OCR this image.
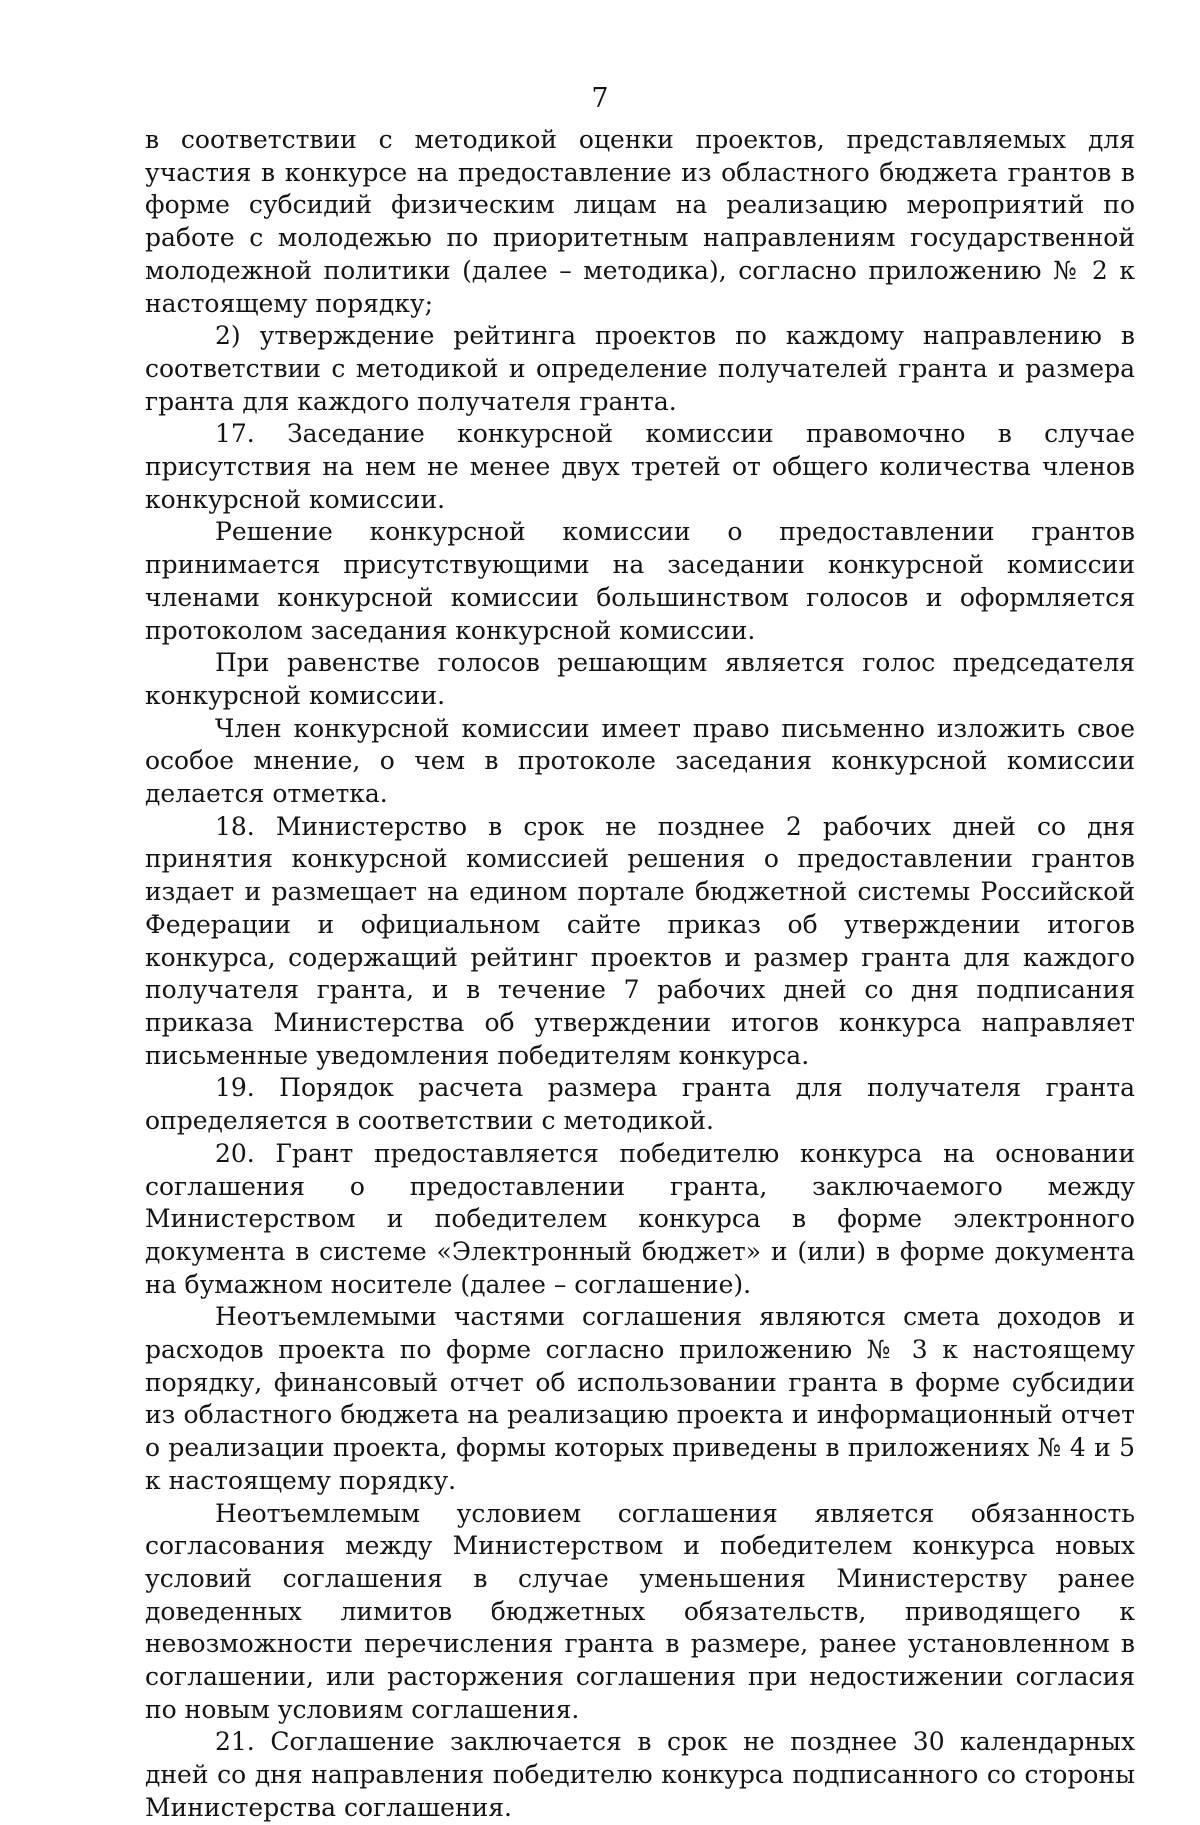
7

в соответствии с методикой оценки проектов, представляемых для участия в конкурсе на предоставление из областного бюджета грантов в форме субсидий физическим лицам на реализацию мероприятий по работе с молодежью по приоритетным направлениям государственной молодежной политики (далее – методика), согласно приложению № 2 к настоящему порядку;

2) утверждение рейтинга проектов по каждому направлению в соответствии с методикой и определение получателей гранта и размера гранта для каждого получателя гранта.

17. Заседание конкурсной комиссии правомочно в случае присутствия на нем не менее двух третей от общего количества членов конкурсной комиссии.

Решение конкурсной комиссии о предоставлении грантов принимается присутствующими на заседании конкурсной комиссии членами конкурсной комиссии большинством голосов и оформляется протоколом заседания конкурсной комиссии.

При равенстве голосов решающим является голос председателя конкурсной комиссии.

Член конкурсной комиссии имеет право письменно изложить свое особое мнение, о чем в протоколе заседания конкурсной комиссии делается отметка.

18. Министерство в срок не позднее 2 рабочих дней со дня принятия конкурсной комиссией решения о предоставлении грантов издает и размещает на едином портале бюджетной системы Российской Федерации и официальном сайте приказ об утверждении итогов конкурса, содержащий рейтинг проектов и размер гранта для каждого получателя гранта, и в течение 7 рабочих дней со дня подписания приказа Министерства об утверждении итогов конкурса направляет письменные уведомления победителям конкурса.

19. Порядок расчета размера гранта для получателя гранта определяется в соответствии с методикой.

20. Грант предоставляется победителю конкурса на основании соглашения о предоставлении гранта, заключаемого между Министерством и победителем конкурса в форме электронного документа в системе «Электронный бюджет» и (или) в форме документа на бумажном носителе (далее – соглашение).

Неотъемлемыми частями соглашения являются смета доходов и расходов проекта по форме согласно приложению № 3 к настоящему порядку, финансовый отчет об использовании гранта в форме субсидии из областного бюджета на реализацию проекта и информационный отчет о реализации проекта, формы которых приведены в приложениях № 4 и 5 к настоящему порядку.

Неотъемлемым условием соглашения является обязанность согласования между Министерством и победителем конкурса новых условий соглашения в случае уменьшения Министерству ранее доведенных лимитов бюджетных обязательств, приводящего к невозможности перечисления гранта в размере, ранее установленном в соглашении, или расторжения соглашения при недостижении согласия по новым условиям соглашения.

21. Соглашение заключается в срок не позднее 30 календарных дней со дня направления победителю конкурса подписанного со стороны Министерства соглашения.
